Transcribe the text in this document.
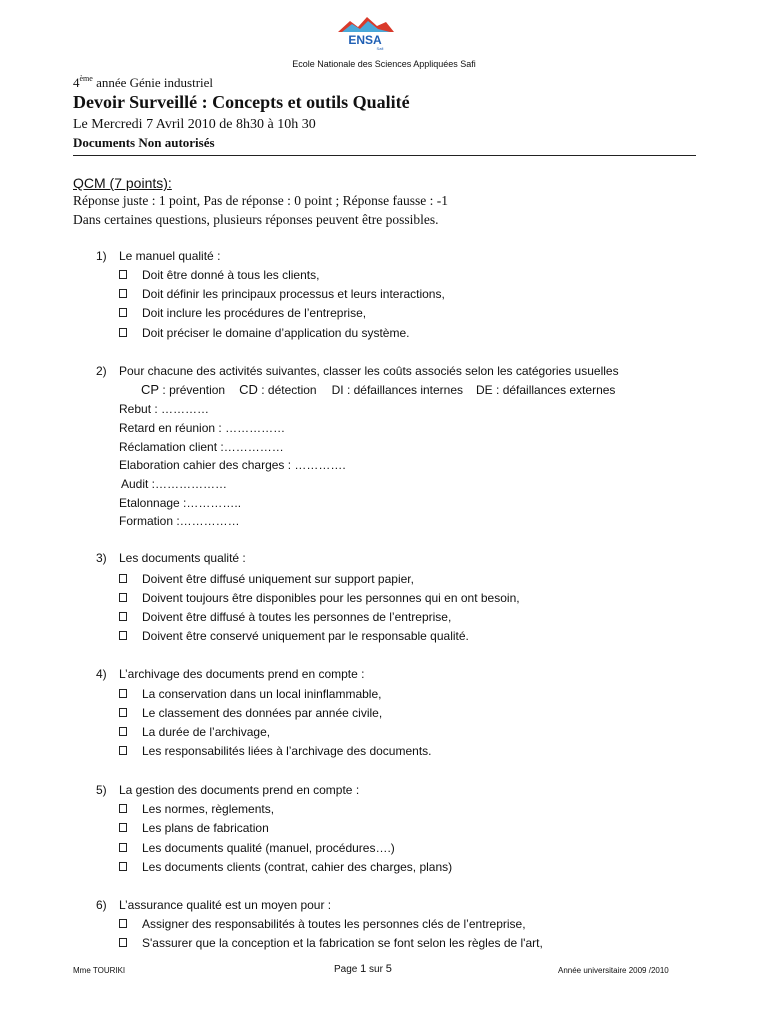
ENSA
Safi
Ecole Nationale des Sciences Appliquées Safi
4ème année Génie industriel
Devoir Surveillé : Concepts et outils Qualité
Le Mercredi 7 Avril 2010 de 8h30 à 10h 30
Documents Non autorisés
QCM (7 points):
Réponse juste : 1 point, Pas de réponse : 0 point ; Réponse fausse : -1
Dans certaines questions, plusieurs réponses peuvent être possibles.
1) Le manuel qualité :
Doit être donné à tous les clients,
Doit définir les principaux processus et leurs interactions,
Doit inclure les procédures de l’entreprise,
Doit préciser le domaine d’application du système.
2) Pour chacune des activités suivantes, classer les coûts associés selon les catégories usuelles
CP : prévention CD : détection DI : défaillances internes DE : défaillances externes
Rebut : …………
Retard en réunion : ……………
Réclamation client :……………
Elaboration cahier des charges : ………….
Audit :………………
Etalonnage :…………..
Formation :……………
3) Les documents qualité :
Doivent être diffusé uniquement sur support papier,
Doivent toujours être disponibles pour les personnes qui en ont besoin,
Doivent être diffusé à toutes les personnes de l’entreprise,
Doivent être conservé uniquement par le responsable qualité.
4) L’archivage des documents prend en compte :
La conservation dans un local ininflammable,
Le classement des données par année civile,
La durée de l’archivage,
Les responsabilités liées à l’archivage des documents.
5) La gestion des documents prend en compte :
Les normes, règlements,
Les plans de fabrication
Les documents qualité (manuel, procédures….)
Les documents clients (contrat, cahier des charges, plans)
6) L’assurance qualité est un moyen pour :
Assigner des responsabilités à toutes les personnes clés de l’entreprise,
S'assurer que la conception et la fabrication se font selon les règles de l'art,
Mme TOURIKI	Page 1 sur 5	Année universitaire 2009 /2010
